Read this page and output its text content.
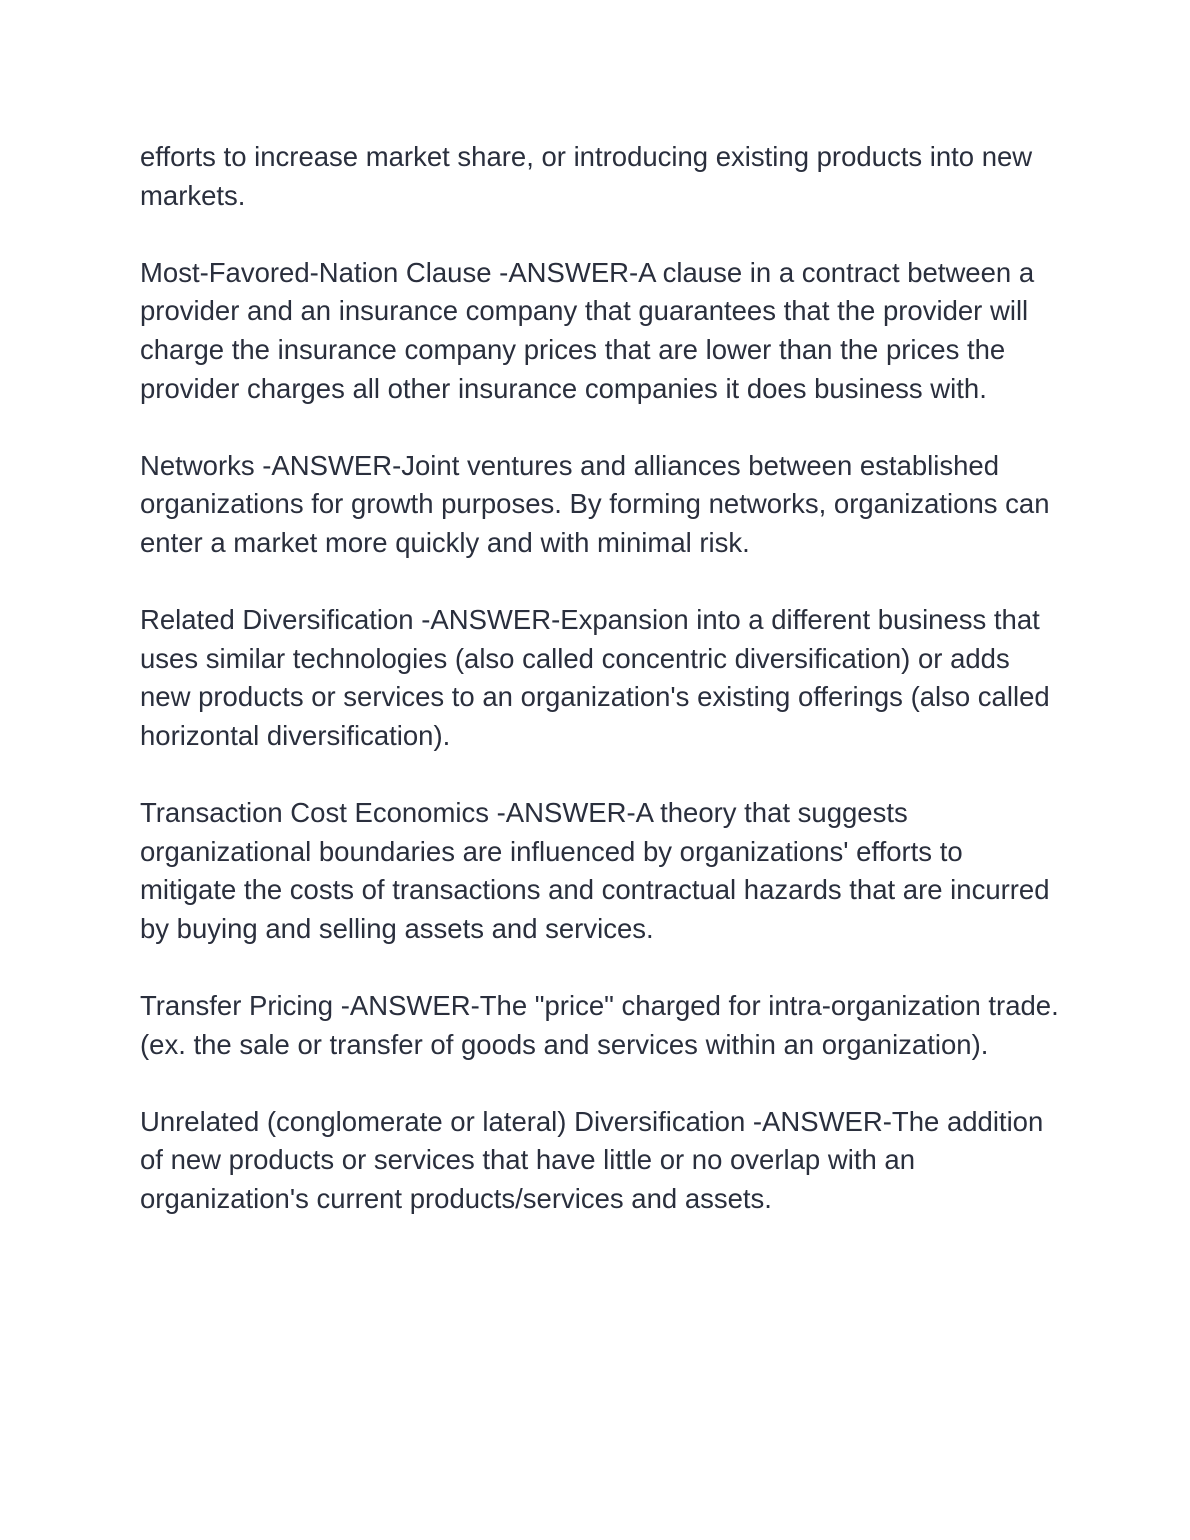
efforts to increase market share, or introducing existing products into new markets.

Most-Favored-Nation Clause -ANSWER-A clause in a contract between a provider and an insurance company that guarantees that the provider will charge the insurance company prices that are lower than the prices the provider charges all other insurance companies it does business with.

Networks -ANSWER-Joint ventures and alliances between established organizations for growth purposes. By forming networks, organizations can enter a market more quickly and with minimal risk.

Related Diversification -ANSWER-Expansion into a different business that uses similar technologies (also called concentric diversification) or adds new products or services to an organization's existing offerings (also called horizontal diversification).

Transaction Cost Economics -ANSWER-A theory that suggests organizational boundaries are influenced by organizations' efforts to mitigate the costs of transactions and contractual hazards that are incurred by buying and selling assets and services.

Transfer Pricing -ANSWER-The "price" charged for intra-organization trade. (ex. the sale or transfer of goods and services within an organization).

Unrelated (conglomerate or lateral) Diversification -ANSWER-The addition of new products or services that have little or no overlap with an organization's current products/services and assets.
